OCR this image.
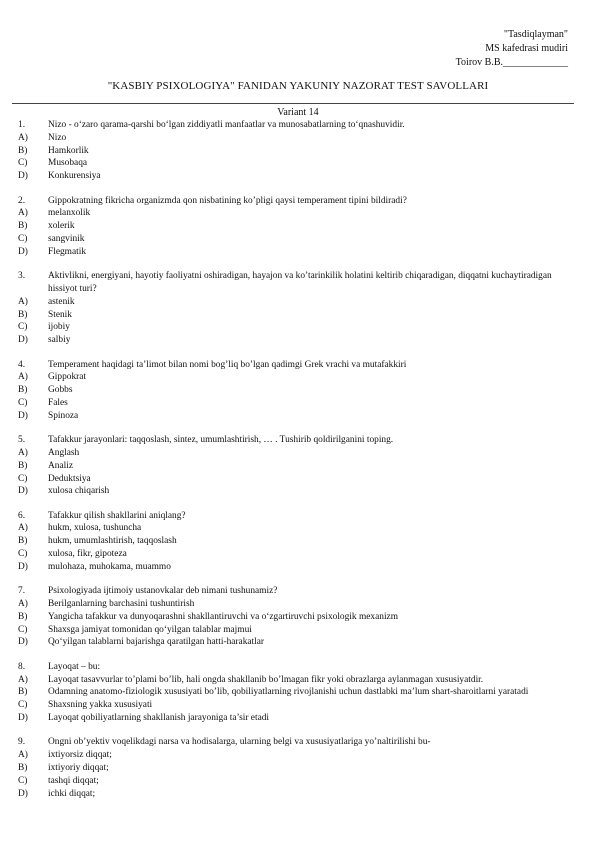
"Tasdiqlayman"
MS kafedrasi mudiri
Toirov B.B._____________
"KASBIY PSIXOLOGIYA" FANIDAN YAKUNIY NAZORAT TEST SAVOLLARI
Variant 14
1.	Nizo - o‘zaro qarama-qarshi bo‘lgan ziddiyatli manfaatlar va munosabatlarning to‘qnashuvidir.
A)	Nizo
B)	Hamkorlik
C)	Musobaqa
D)	Konkurensiya
2.	Gippokratning fikricha organizmda qon nisbatining ko’pligi qaysi temperament tipini bildiradi?
A)	melanxolik
B)	xolerik
C)	sangvinik
D)	Flegmatik
3.	Aktivlikni, energiyani, hayotiy faoliyatni oshiradigan, hayajon va ko’tarinkilik holatini keltirib chiqaradigan, diqqatni kuchaytiradigan hissiyot turi?
A)	astenik
B)	Stenik
C)	ijobiy
D)	salbiy
4.	Temperament haqidagi ta’limot bilan nomi bog’liq bo’lgan qadimgi Grek vrachi va mutafakkiri
A)	Gippokrat
B)	Gobbs
C)	Fales
D)	Spinoza
5.	Tafakkur jarayonlari: taqqoslash, sintez, umumlashtirish, … . Tushirib qoldirilganini toping.
A)	Anglash
B)	Analiz
C)	Deduktsiya
D)	xulosa chiqarish
6.	Tafakkur qilish shakllarini aniqlang?
A)	hukm, xulosa, tushuncha
B)	hukm, umumlashtirish, taqqoslash
C)	xulosa, fikr, gipoteza
D)	mulohaza, muhokama, muammo
7.	Psixologiyada ijtimoiy ustanovkalar deb nimani tushunamiz?
A)	Berilganlarning barchasini tushuntirish
B)	Yangicha tafakkur va dunyoqarashni shakllantiruvchi va o‘zgartiruvchi psixologik mexanizm
C)	Shaxsga jamiyat tomonidan qo‘yilgan talablar majmui
D)	Qo‘yilgan talablarni bajarishga qaratilgan hatti-harakatlar
8.	Layoqat – bu:
A)	Layoqat tasavvurlar to’plami bo’lib, hali ongda shakllanib bo’lmagan fikr yoki obrazlarga aylanmagan xususiyatdir.
B)	Odamning anatomo-fiziologik xususiyati bo’lib, qobiliyatlarning rivojlanishi uchun dastlabki ma’lum shart-sharoitlarni yaratadi
C)	Shaxsning yakka xususiyati
D)	Layoqat qobiliyatlarning shakllanish jarayoniga ta’sir etadi
9.	Ongni ob’yektiv voqelikdagi narsa va hodisalarga, ularning belgi va xususiyatlariga yo’naltirilishi bu-
A)	ixtiyorsiz diqqat;
B)	ixtiyoriy diqqat;
C)	tashqi diqqat;
D)	ichki diqqat;
